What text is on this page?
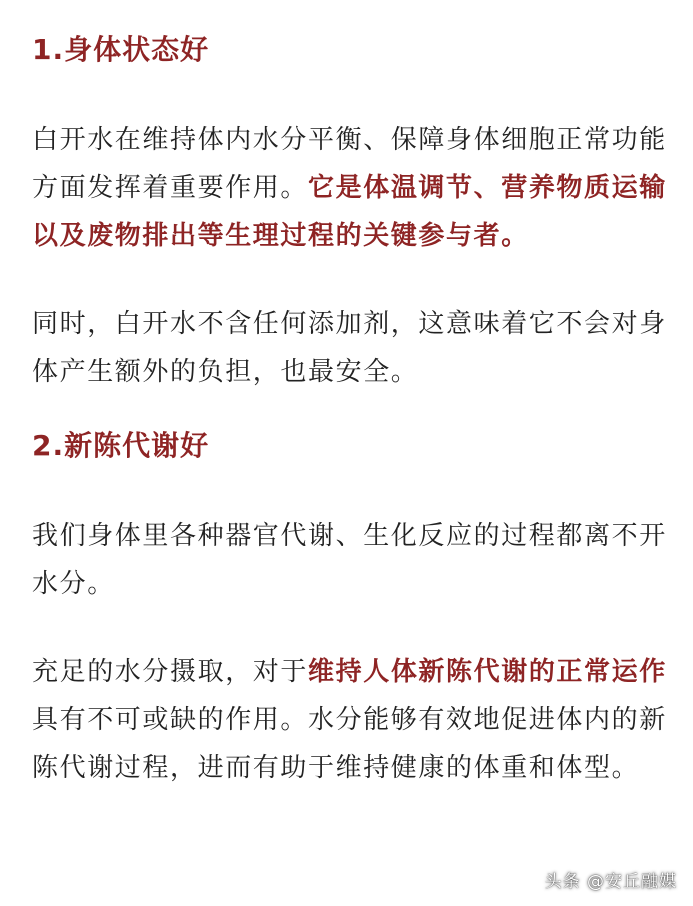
1.身体状态好

白开水在维持体内水分平衡、保障身体细胞正常功能方面发挥着重要作用。它是体温调节、营养物质运输以及废物排出等生理过程的关键参与者。

同时，白开水不含任何添加剂，这意味着它不会对身体产生额外的负担，也最安全。

2.新陈代谢好

我们身体里各种器官代谢、生化反应的过程都离不开水分。

充足的水分摄取，对于维持人体新陈代谢的正常运作具有不可或缺的作用。水分能够有效地促进体内的新陈代谢过程，进而有助于维持健康的体重和体型。

头条 @安丘融媒
